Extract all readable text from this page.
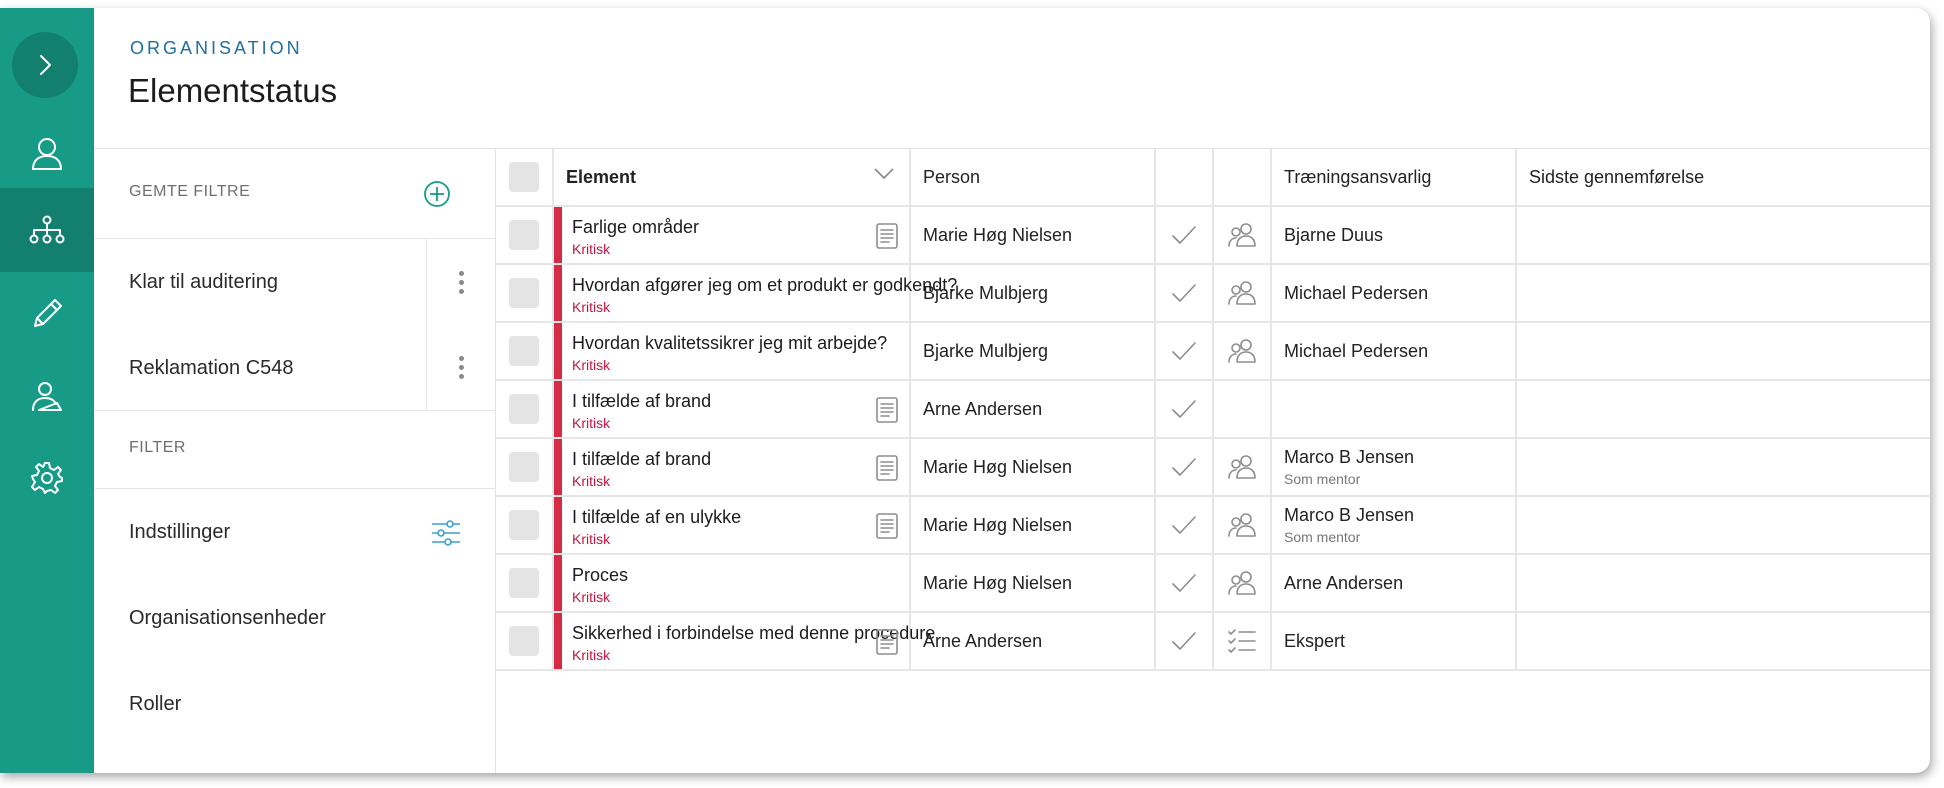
ORGANISATION
Elementstatus
GEMTE FILTRE
Klar til auditering
Reklamation C548
FILTER
Indstillinger
Organisationsenheder
Roller
Element	Person	Træningsansvarlig	Sidste gennemførelse
Farlige områder
Kritisk
Marie Høg Nielsen	Bjarne Duus
Hvordan afgører jeg om et produkt er godkendt?
Kritisk
Bjarke Mulbjerg	Michael Pedersen
Hvordan kvalitetssikrer jeg mit arbejde?
Kritisk
Bjarke Mulbjerg	Michael Pedersen
I tilfælde af brand
Kritisk
Arne Andersen
I tilfælde af brand
Kritisk
Marie Høg Nielsen	Marco B Jensen
Som mentor
I tilfælde af en ulykke
Kritisk
Marie Høg Nielsen	Marco B Jensen
Som mentor
Proces
Kritisk
Marie Høg Nielsen	Arne Andersen
Sikkerhed i forbindelse med denne procedure
Kritisk
Arne Andersen	Ekspert
